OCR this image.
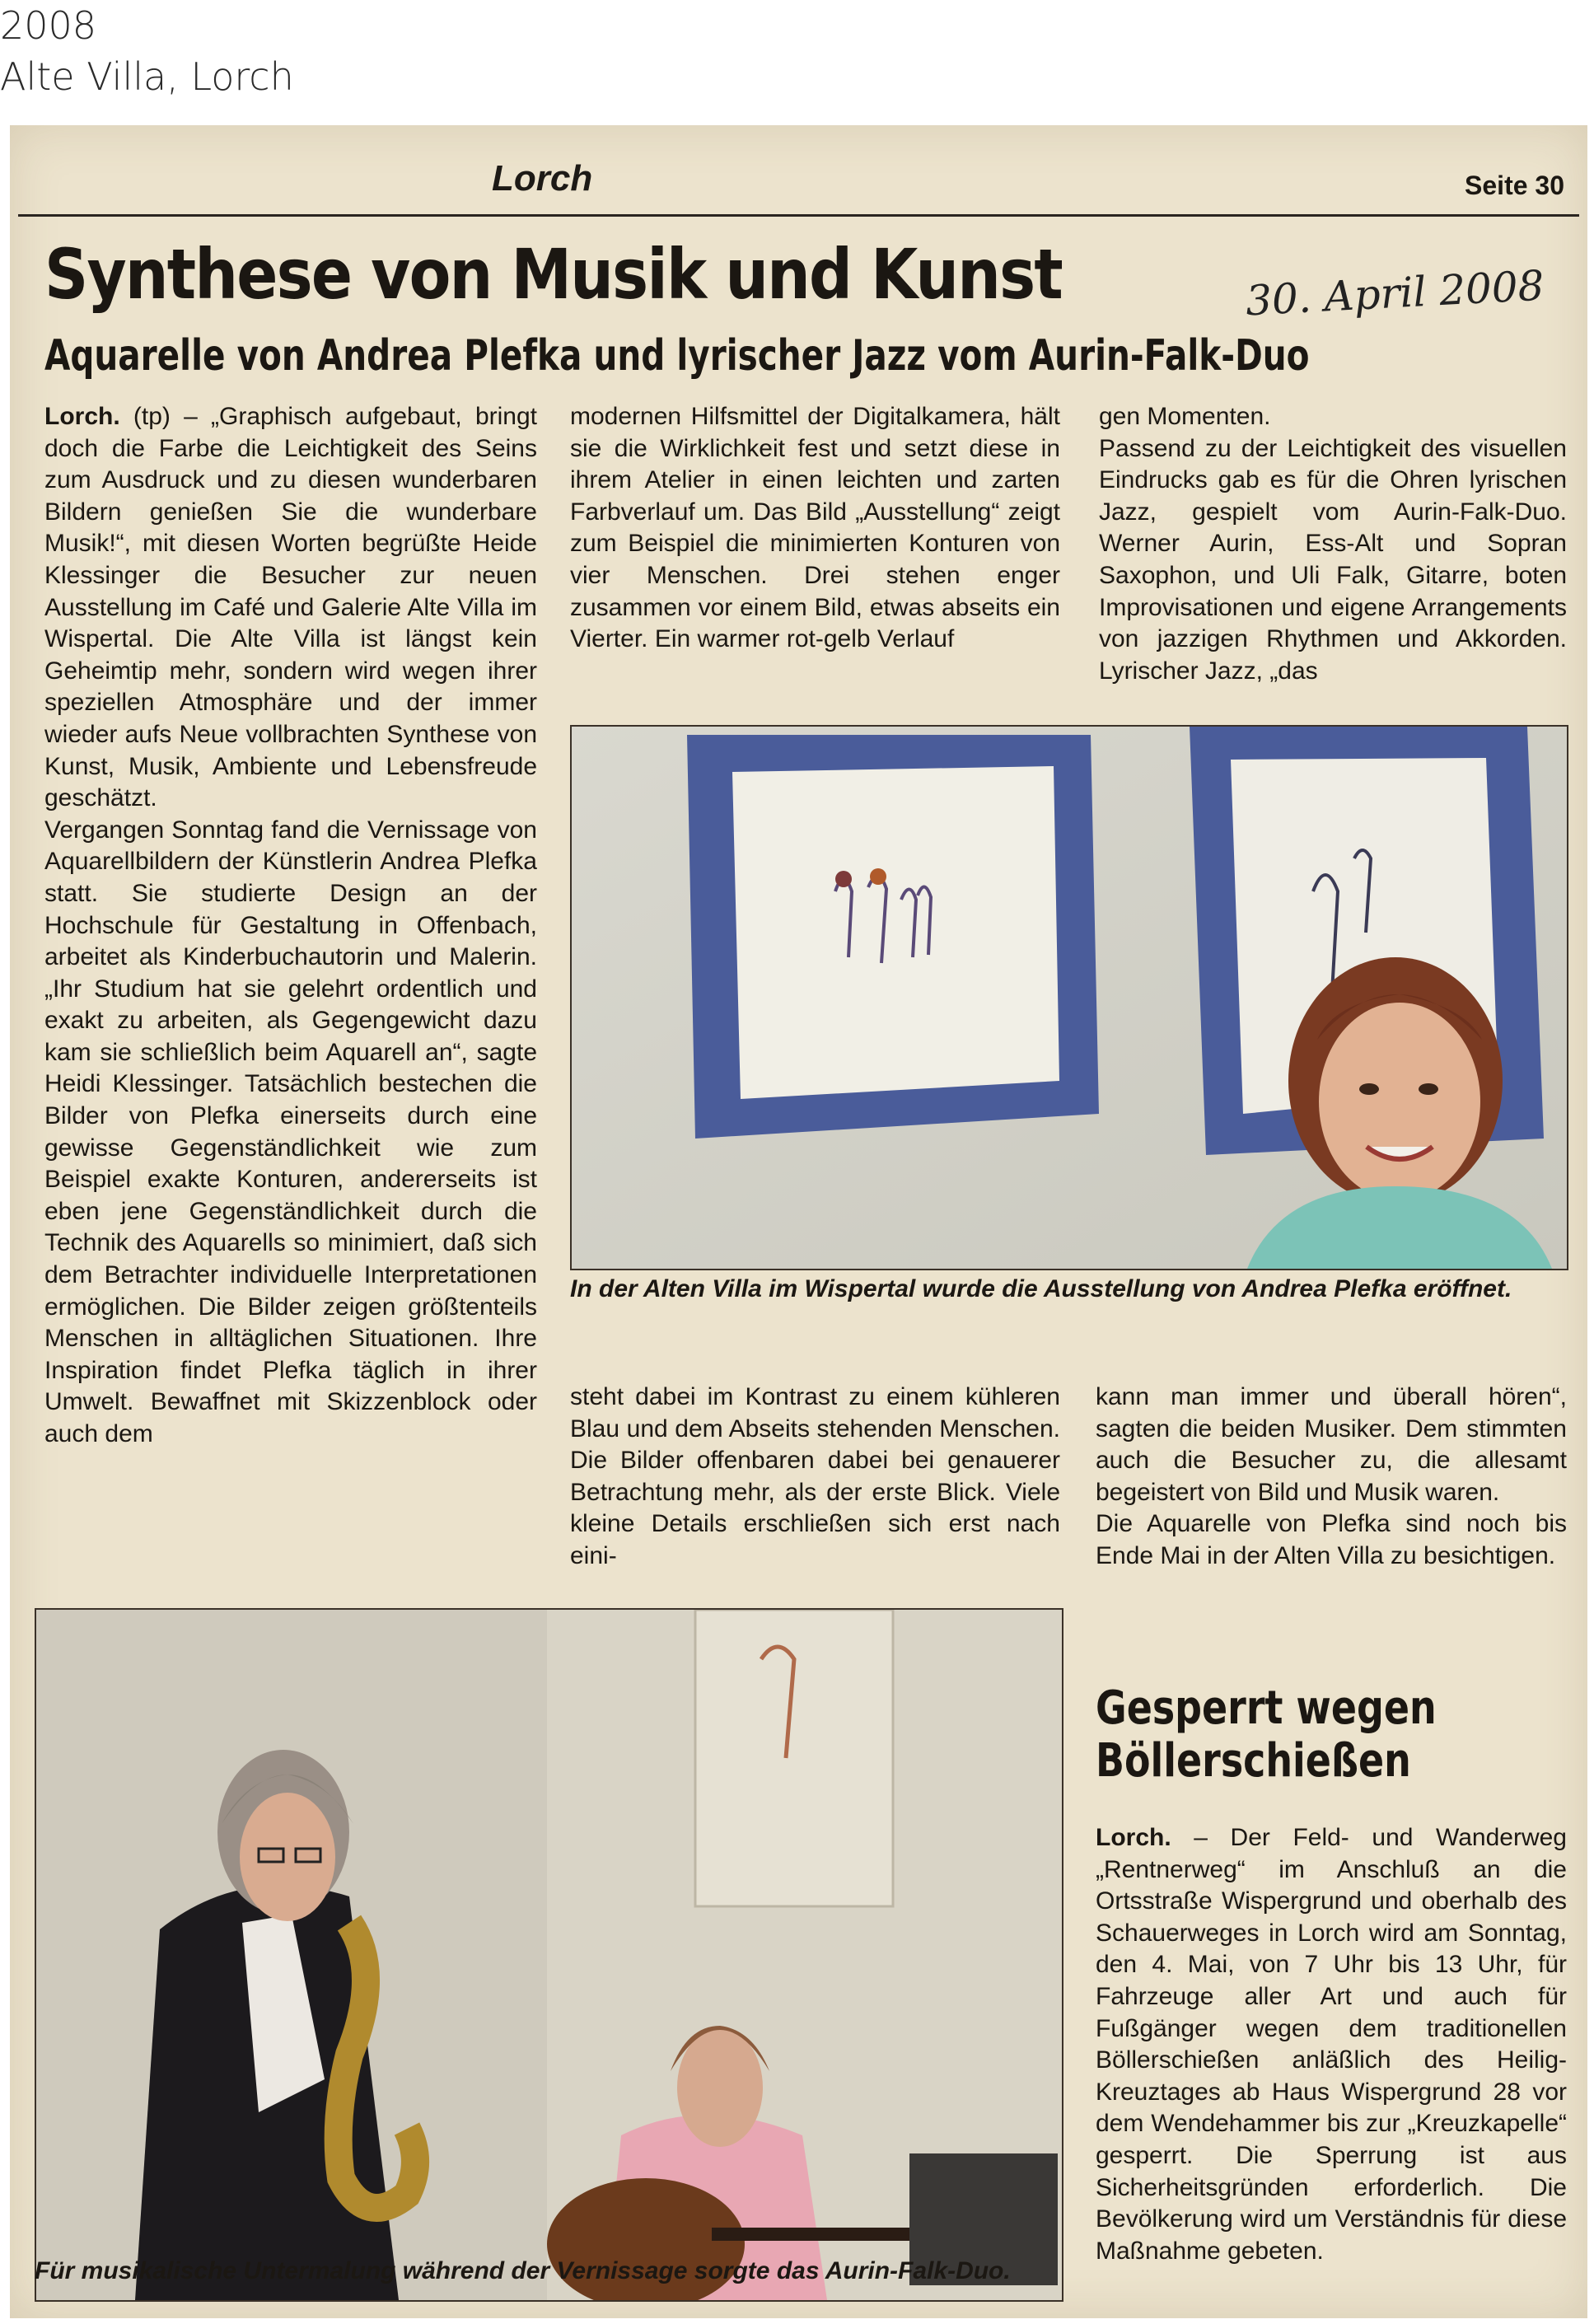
2008
Alte Villa, Lorch
Lorch	Seite 30
Synthese von Musik und Kunst	30. April 2008
Aquarelle von Andrea Plefka und lyrischer Jazz vom Aurin-Falk-Duo

Lorch. (tp) – „Graphisch aufgebaut, bringt doch die Farbe die Leichtigkeit des Seins zum Ausdruck und zu diesen wunderbaren Bildern genießen Sie die wunderbare Musik!“, mit diesen Worten begrüßte Heide Klessinger die Besucher zur neuen Ausstellung im Café und Galerie Alte Villa im Wispertal. Die Alte Villa ist längst kein Geheimtip mehr, sondern wird wegen ihrer speziellen Atmosphäre und der immer wieder aufs Neue vollbrachten Synthese von Kunst, Musik, Ambiente und Lebensfreude geschätzt.

Vergangen Sonntag fand die Vernissage von Aquarellbildern der Künstlerin Andrea Plefka statt. Sie studierte Design an der Hochschule für Gestaltung in Offenbach, arbeitet als Kinderbuchautorin und Malerin. „Ihr Studium hat sie gelehrt ordentlich und exakt zu arbeiten, als Gegengewicht dazu kam sie schließlich beim Aquarell an“, sagte Heidi Klessinger. Tatsächlich bestechen die Bilder von Plefka einerseits durch eine gewisse Gegenständlichkeit wie zum Beispiel exakte Konturen, andererseits ist eben jene Gegenständlichkeit durch die Technik des Aquarells so minimiert, daß sich dem Betrachter individuelle Interpretationen ermöglichen. Die Bilder zeigen größtenteils Menschen in alltäglichen Situationen. Ihre Inspiration findet Plefka täglich in ihrer Umwelt. Bewaffnet mit Skizzenblock oder auch dem

modernen Hilfsmittel der Digitalkamera, hält sie die Wirklichkeit fest und setzt diese in ihrem Atelier in einen leichten und zarten Farbverlauf um. Das Bild „Ausstellung“ zeigt zum Beispiel die minimierten Konturen von vier Menschen. Drei stehen enger zusammen vor einem Bild, etwas abseits ein Vierter. Ein warmer rot-gelb Verlauf

gen Momenten.

Passend zu der Leichtigkeit des visuellen Eindrucks gab es für die Ohren lyrischen Jazz, gespielt vom Aurin-Falk-Duo. Werner Aurin, Ess-Alt und Sopran Saxophon, und Uli Falk, Gitarre, boten Improvisationen und eigene Arrangements von jazzigen Rhythmen und Akkorden. Lyrischer Jazz, „das

In der Alten Villa im Wispertal wurde die Ausstellung von Andrea Plefka eröffnet.

steht dabei im Kontrast zu einem kühleren Blau und dem Abseits stehenden Menschen. Die Bilder offenbaren dabei bei genauerer Betrachtung mehr, als der erste Blick. Viele kleine Details erschließen sich erst nach eini-

kann man immer und überall hören“, sagten die beiden Musiker. Dem stimmten auch die Besucher zu, die allesamt begeistert von Bild und Musik waren.

Die Aquarelle von Plefka sind noch bis Ende Mai in der Alten Villa zu besichtigen.

Für musikalische Untermalung während der Vernissage sorgte das Aurin-Falk-Duo.
Gesperrt wegen Böllerschießen

Lorch. – Der Feld- und Wanderweg „Rentnerweg“ im Anschluß an die Ortsstraße Wispergrund und oberhalb des Schauerweges in Lorch wird am Sonntag, den 4. Mai, von 7 Uhr bis 13 Uhr, für Fahrzeuge aller Art und auch für Fußgänger wegen dem traditionellen Böllerschießen anläßlich des Heilig-Kreuztages ab Haus Wispergrund 28 vor dem Wendehammer bis zur „Kreuzkapelle“ gesperrt. Die Sperrung ist aus Sicherheitsgründen erforderlich. Die Bevölkerung wird um Verständnis für diese Maßnahme gebeten.
